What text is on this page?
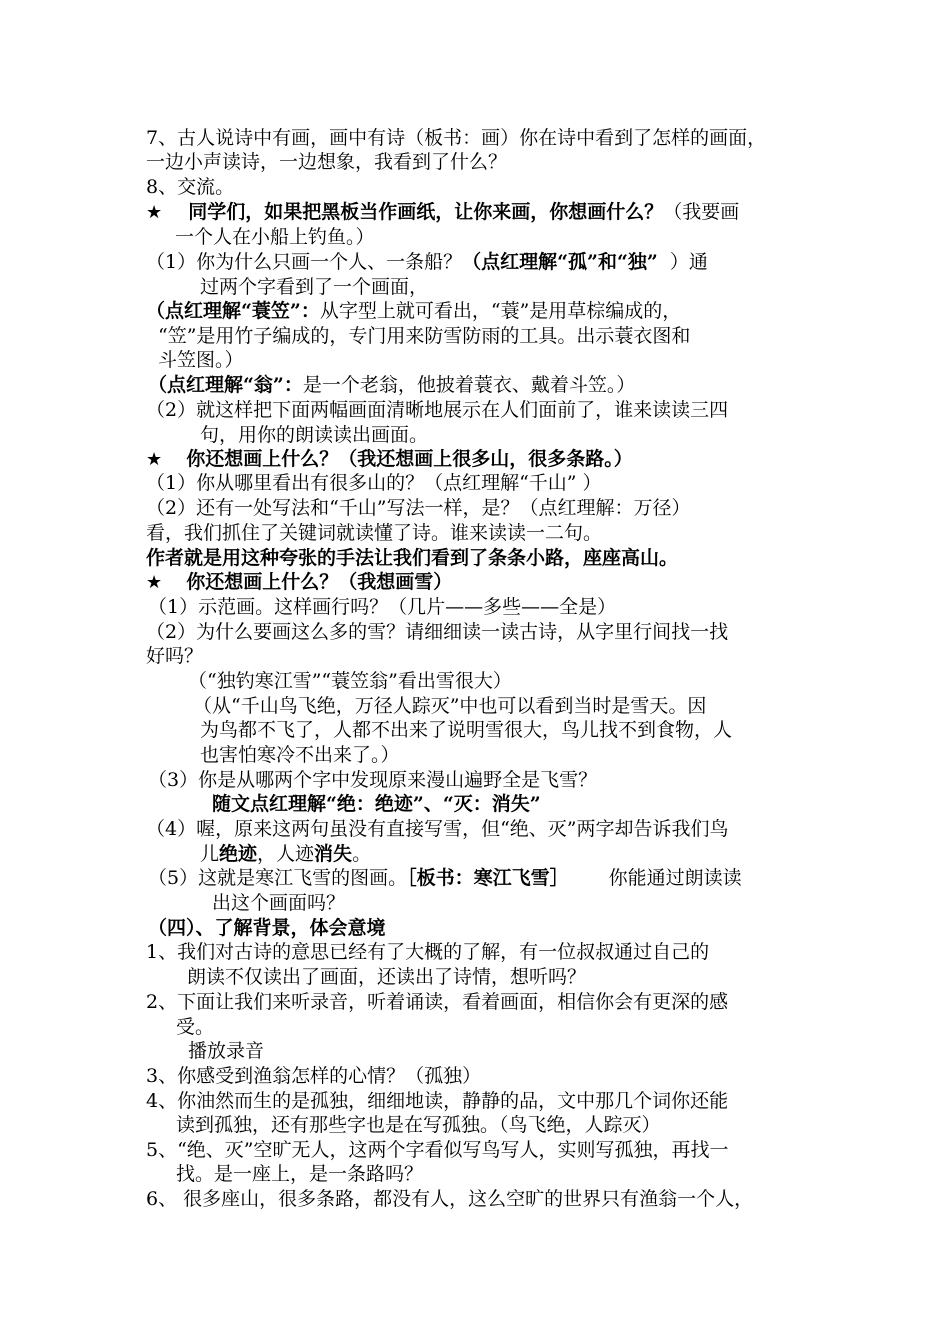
7、古人说诗中有画，画中有诗（板书：画）你在诗中看到了怎样的画面，
一边小声读诗，一边想象，我看到了什么？
8、交流。
★ 同学们，如果把黑板当作画纸，让你来画，你想画什么？（我要画
一个人在小船上钓鱼。）
（1）你为什么只画一个人、一条船？（点红理解“孤”和“独” ）通
过两个字看到了一个画面，
（点红理解“蓑笠”：从字型上就可看出，“蓑”是用草棕编成的，
“笠”是用竹子编成的，专门用来防雪防雨的工具。出示蓑衣图和
斗笠图。）
（点红理解“翁”：是一个老翁，他披着蓑衣、戴着斗笠。）
（2）就这样把下面两幅画面清晰地展示在人们面前了，谁来读读三四
句，用你的朗读读出画面。
★ 你还想画上什么？（我还想画上很多山，很多条路。）
（1）你从哪里看出有很多山的？（点红理解“千山” ）
（2）还有一处写法和“千山”写法一样，是？（点红理解：万径）
看，我们抓住了关键词就读懂了诗。谁来读读一二句。
作者就是用这种夸张的手法让我们看到了条条小路，座座高山。
★ 你还想画上什么？（我想画雪）
（1）示范画。这样画行吗？（几片——多些——全是）
（2）为什么要画这么多的雪？请细细读一读古诗，从字里行间找一找
好吗？
（“独钓寒江雪”“蓑笠翁”看出雪很大）
（从“千山鸟飞绝，万径人踪灭”中也可以看到当时是雪天。因
为鸟都不飞了，人都不出来了说明雪很大，鸟儿找不到食物，人
也害怕寒冷不出来了。）
（3）你是从哪两个字中发现原来漫山遍野全是飞雪？
随文点红理解“绝：绝迹”、“灭：消失”
（4）喔，原来这两句虽没有直接写雪，但“绝、灭”两字却告诉我们鸟
儿绝迹，人迹消失。
（5）这就是寒江飞雪的图画。［板书：寒江飞雪］ 你能通过朗读读
出这个画面吗？
（四）、了解背景，体会意境
1、我们对古诗的意思已经有了大概的了解，有一位叔叔通过自己的
朗读不仅读出了画面，还读出了诗情，想听吗？
2、下面让我们来听录音，听着诵读，看着画面，相信你会有更深的感
受。
播放录音
3、你感受到渔翁怎样的心情？（孤独）
4、你油然而生的是孤独，细细地读，静静的品，文中那几个词你还能
读到孤独，还有那些字也是在写孤独。（鸟飞绝，人踪灭）
5、“绝、灭”空旷无人，这两个字看似写鸟写人，实则写孤独，再找一
找。是一座上，是一条路吗？
6、 很多座山，很多条路，都没有人，这么空旷的世界只有渔翁一个人，
